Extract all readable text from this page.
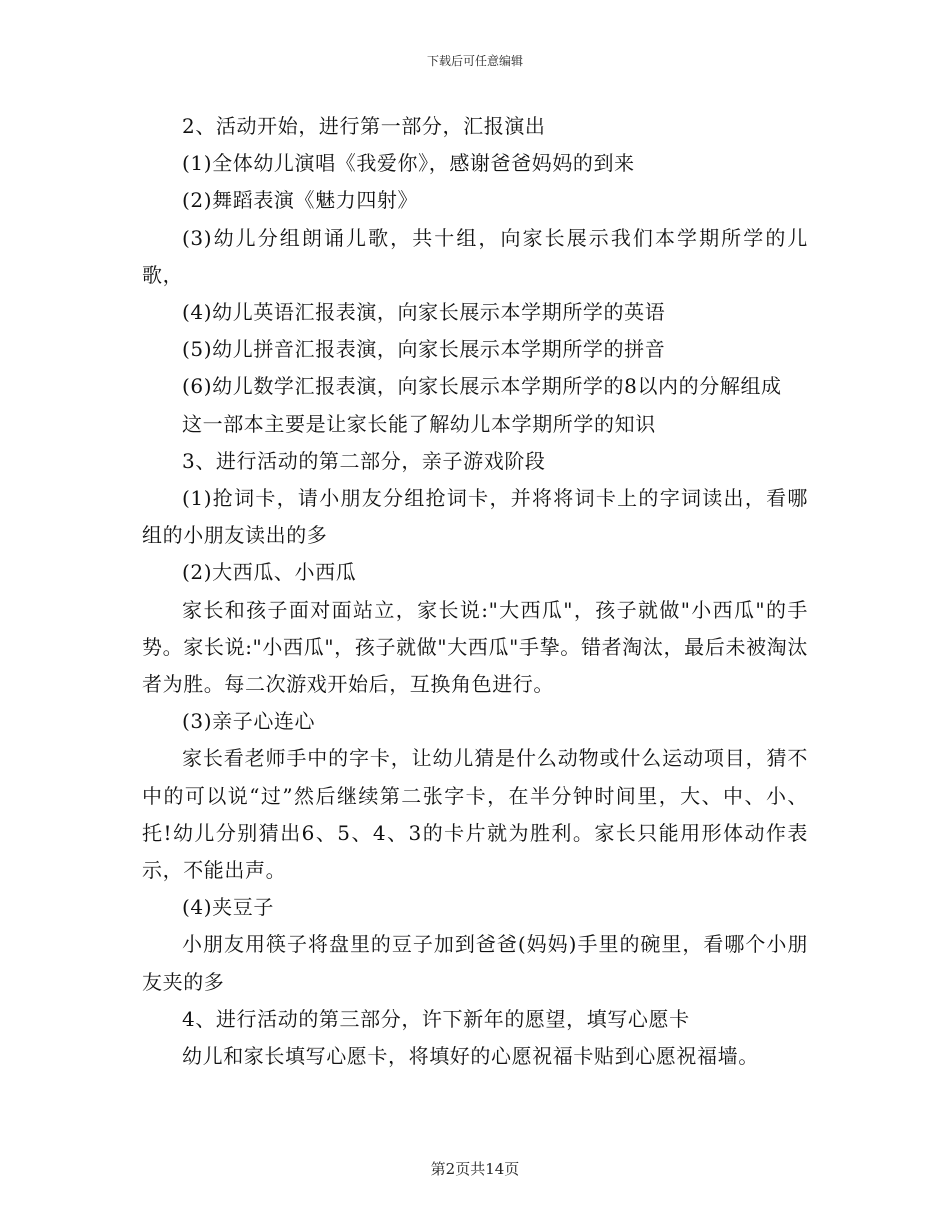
下载后可任意编辑

2、活动开始，进行第一部分，汇报演出

(1)全体幼儿演唱《我爱你》，感谢爸爸妈妈的到来

(2)舞蹈表演《魅力四射》

(3)幼儿分组朗诵儿歌，共十组，向家长展示我们本学期所学的儿歌，

(4)幼儿英语汇报表演，向家长展示本学期所学的英语

(5)幼儿拼音汇报表演，向家长展示本学期所学的拼音

(6)幼儿数学汇报表演，向家长展示本学期所学的8以内的分解组成

这一部本主要是让家长能了解幼儿本学期所学的知识

3、进行活动的第二部分，亲子游戏阶段

(1)抢词卡，请小朋友分组抢词卡，并将将词卡上的字词读出，看哪组的小朋友读出的多

(2)大西瓜、小西瓜

家长和孩子面对面站立，家长说:"大西瓜"，孩子就做"小西瓜"的手势。家长说:"小西瓜"，孩子就做"大西瓜"手挚。错者淘汰，最后未被淘汰者为胜。每二次游戏开始后，互换角色进行。

(3)亲子心连心

家长看老师手中的字卡，让幼儿猜是什么动物或什么运动项目，猜不中的可以说“过”然后继续第二张字卡，在半分钟时间里，大、中、小、托!幼儿分别猜出6、5、4、3的卡片就为胜利。家长只能用形体动作表示，不能出声。

(4)夹豆子

小朋友用筷子将盘里的豆子加到爸爸(妈妈)手里的碗里，看哪个小朋友夹的多

4、进行活动的第三部分，许下新年的愿望，填写心愿卡

幼儿和家长填写心愿卡，将填好的心愿祝福卡贴到心愿祝福墙。

第2页共14页
